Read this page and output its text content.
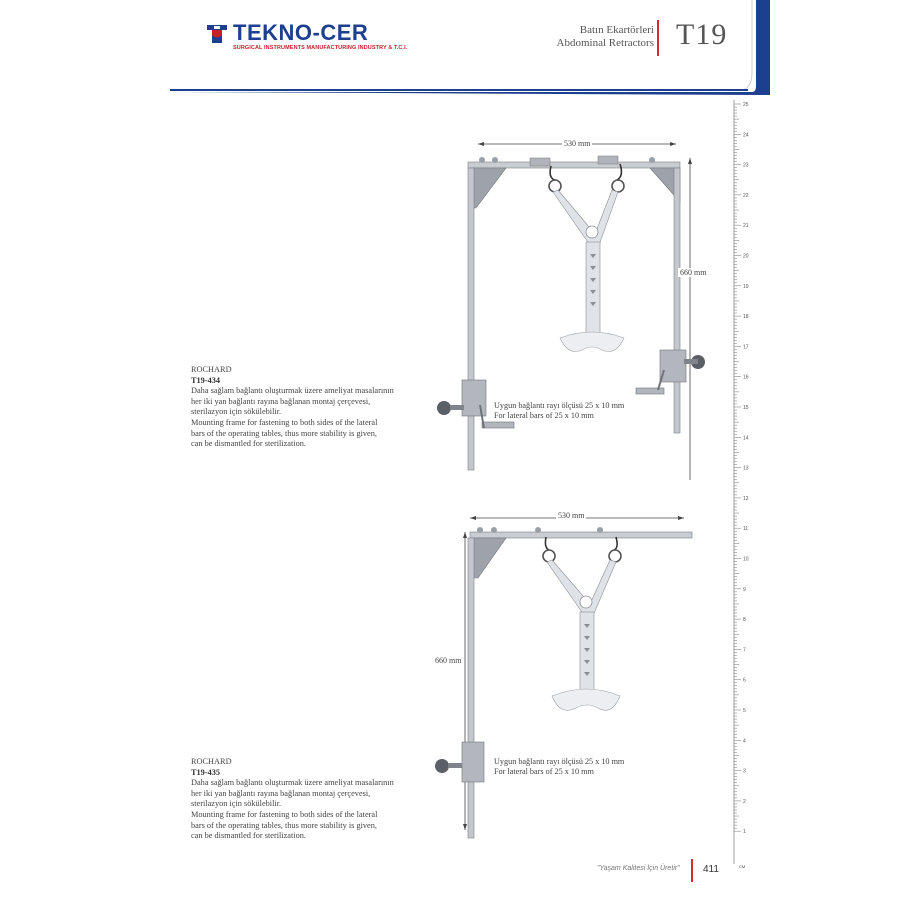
TEKNO-CER
SURGICAL INSTRUMENTS MANUFACTURING INDUSTRY & T.C.I.
Batın Ekartörleri
Abdominal Retractors T19
530 mm
660 mm
ROCHARD
T19-434
Daha sağlam bağlantı oluşturmak üzere ameliyat masalarının
her iki yan bağlantı rayına bağlanan montaj çerçevesi,
sterilazyon için sökülebilir.
Mounting frame for fastening to both sides of the lateral
bars of the operating tables, thus more stability is given,
can be dismantled for sterilization.
Uygun bağlantı rayı ölçüsü 25 x 10 mm
For lateral bars of 25 x 10 mm
530 mm
660 mm
ROCHARD
T19-435
Daha sağlam bağlantı oluşturmak üzere ameliyat masalarının
her iki yan bağlantı rayına bağlanan montaj çerçevesi,
sterilazyon için sökülebilir.
Mounting frame for fastening to both sides of the lateral
bars of the operating tables, thus more stability is given,
can be dismantled for sterilization.
Uygun bağlantı rayı ölçüsü 25 x 10 mm
For lateral bars of 25 x 10 mm
25
24
23
22
21
20
19
18
17
16
15
14
13
12
11
10
9
8
7
6
5
4
3
2
1
CM
"Yaşam Kalitesi İçin Üretir" 411
